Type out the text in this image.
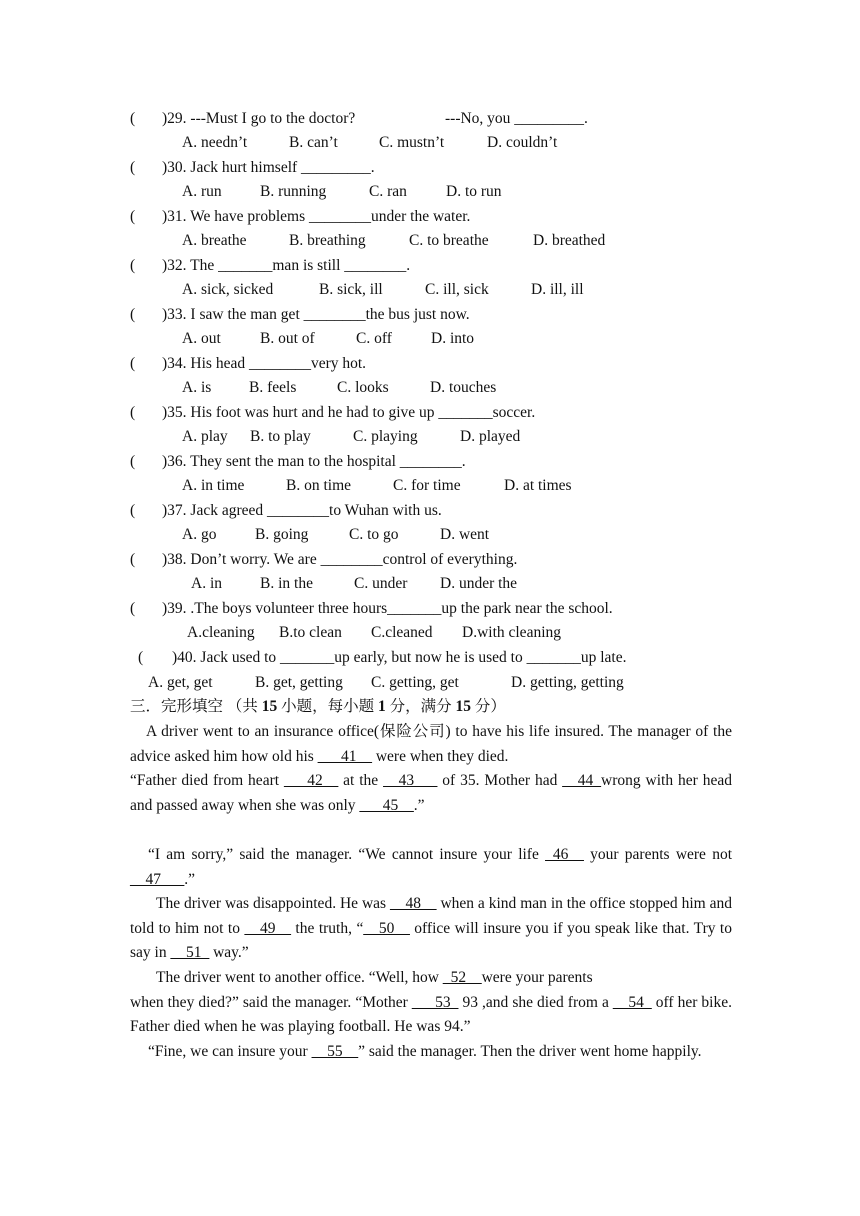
( )29. ---Must I go to the doctor?	---No, you _________.
A. needn’t	B. can’t	C. mustn’t	D. couldn’t
( )30. Jack hurt himself _________.
A. run B. running	C. ran	D. to run
( )31. We have problems ________under the water.
A. breathe	B. breathing	C. to breathe	D. breathed
( )32. The _______man is still ________.
A. sick, sicked	B. sick, ill	C. ill, sick	D. ill, ill
( )33. I saw the man get ________the bus just now.
A. out	B. out of	C. off	D. into
( )34. His head ________very hot.
A. is B. feels	C. looks	D. touches
( )35. His foot was hurt and he had to give up _______soccer.
A. play B. to play	C. playing	D. played
( )36. They sent the man to the hospital ________.
A. in time	B. on time	C. for time	D. at times
( )37. Jack agreed ________to Wuhan with us.
A. go B. going	C. to go	D. went
( )38. Don’t worry. We are ________control of everything.
A. in B. in the	C. under D. under the
( )39. .The boys volunteer three hours_______up the park near the school.
A.cleaning B.to clean C.cleaned D.with cleaning
( )40. Jack used to _______up early, but now he is used to _______up late.
A. get, get	B. get, getting C. getting, get	D. getting, getting
三．完形填空 （共 15 小题，每小题 1 分，满分 15 分）

A driver went to an insurance office(保险公司) to have his life insured. The manager of the advice asked him how old his ___41__ were when they died.

“Father died from heart ___42__ at the __43___ of 35. Mother had __44_wrong with her head and passed away when she was only ___45__.”

“I am sorry,” said the manager. “We cannot insure your life _46__ your parents were not __47___.”

The driver was disappointed. He was __48__ when a kind man in the office stopped him and told to him not to __49__ the truth, “__50__ office will insure you if you speak like that. Try to say in __51_ way.”

The driver went to another office. “Well, how _52__were your parents

when they died?” said the manager. “Mother ___53_ 93 ,and she died from a __54_ off her bike. Father died when he was playing football. He was 94.”

“Fine, we can insure your __55__” said the manager. Then the driver went home happily.
